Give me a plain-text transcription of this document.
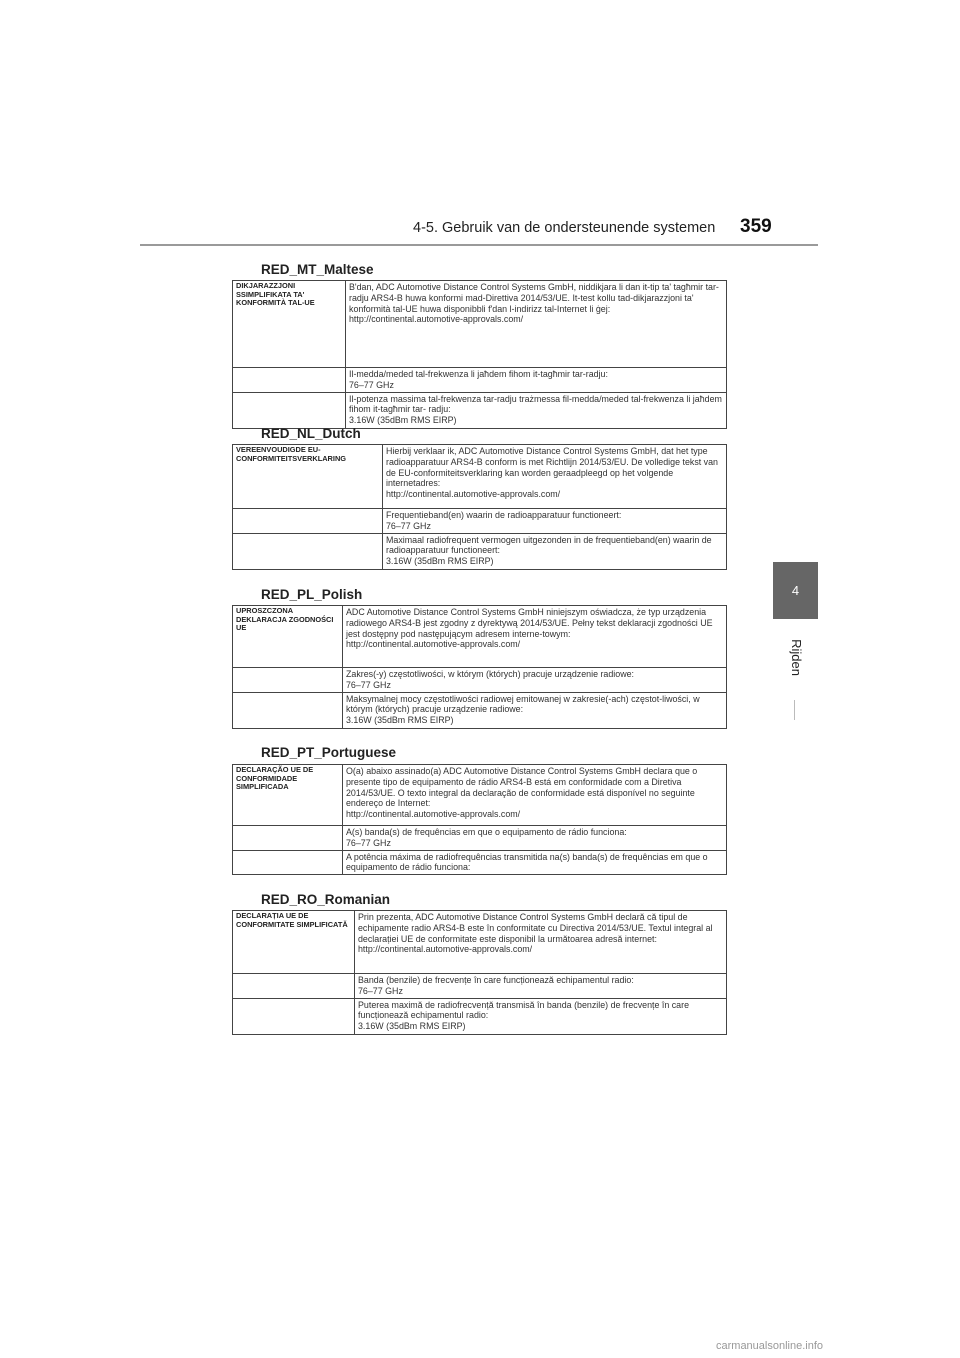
4-5. Gebruik van de ondersteunende systemen 359
4
Rijden
RED_MT_Maltese
DIKJARAZZJONI SSIMPLIFIKATA TA' KONFORMITÀ TAL-UE	B'dan, ADC Automotive Distance Control Systems GmbH, niddikjara li dan it-tip ta' tagħmir tar-radju ARS4-B huwa konformi mad-Direttiva 2014/53/UE. It-test kollu tad-dikjarazzjoni ta' konformità tal-UE huwa disponibbli f'dan l-indirizz tal-Internet li ġej:
http://continental.automotive-approvals.com/

	Il-medda/meded tal-frekwenza li jaħdem fihom it-tagħmir tar-radju:
76–77 GHz

	Il-potenza massima tal-frekwenza tar-radju trażmessa fil-medda/meded tal-frekwenza li jaħdem fihom it-tagħmir tar- radju:
3.16W (35dBm RMS EIRP)
RED_NL_Dutch
VEREENVOUDIGDE EU-CONFORMITEITSVERKLARING	Hierbij verklaar ik, ADC Automotive Distance Control Systems GmbH, dat het type radioapparatuur ARS4-B conform is met Richtlijn 2014/53/EU. De volledige tekst van de EU-conformiteitsverklaring kan worden geraadpleegd op het volgende internetadres:
http://continental.automotive-approvals.com/

	Frequentieband(en) waarin de radioapparatuur functioneert:
76–77 GHz

	Maximaal radiofrequent vermogen uitgezonden in de frequentieband(en) waarin de radioapparatuur functioneert:
3.16W (35dBm RMS EIRP)
RED_PL_Polish
UPROSZCZONA DEKLARACJA ZGODNOŚCI UE	ADC Automotive Distance Control Systems GmbH niniejszym oświadcza, że typ urządzenia radiowego ARS4-B jest zgodny z dyrektywą 2014/53/UE. Pełny tekst deklaracji zgodności UE jest dostępny pod następującym adresem interne-towym:
http://continental.automotive-approvals.com/

	Zakres(-y) częstotliwości, w którym (których) pracuje urządzenie radiowe:
76–77 GHz

	Maksymalnej mocy częstotliwości radiowej emitowanej w zakresie(-ach) częstot-liwości, w którym (których) pracuje urządzenie radiowe:
3.16W (35dBm RMS EIRP)
RED_PT_Portuguese
DECLARAÇÃO UE DE CONFORMIDADE SIMPLIFICADA	O(a) abaixo assinado(a) ADC Automotive Distance Control Systems GmbH declara que o presente tipo de equipamento de rádio ARS4-B está em conformidade com a Diretiva 2014/53/UE. O texto integral da declaração de conformidade está disponível no seguinte endereço de Internet:
http://continental.automotive-approvals.com/

	A(s) banda(s) de frequências em que o equipamento de rádio funciona:
76–77 GHz

	A potência máxima de radiofrequências transmitida na(s) banda(s) de frequências em que o equipamento de rádio funciona:
RED_RO_Romanian
DECLARAȚIA UE DE CONFORMITATE SIMPLIFICATĂ	Prin prezenta, ADC Automotive Distance Control Systems GmbH declară că tipul de echipamente radio ARS4-B este în conformitate cu Directiva 2014/53/UE. Textul integral al declarației UE de conformitate este disponibil la următoarea adresă internet:
http://continental.automotive-approvals.com/

	Banda (benzile) de frecvențe în care funcționează echipamentul radio:
76–77 GHz

	Puterea maximă de radiofrecvență transmisă în banda (benzile) de frecvențe în care funcționează echipamentul radio:
3.16W (35dBm RMS EIRP)
carmanualsonline.info
